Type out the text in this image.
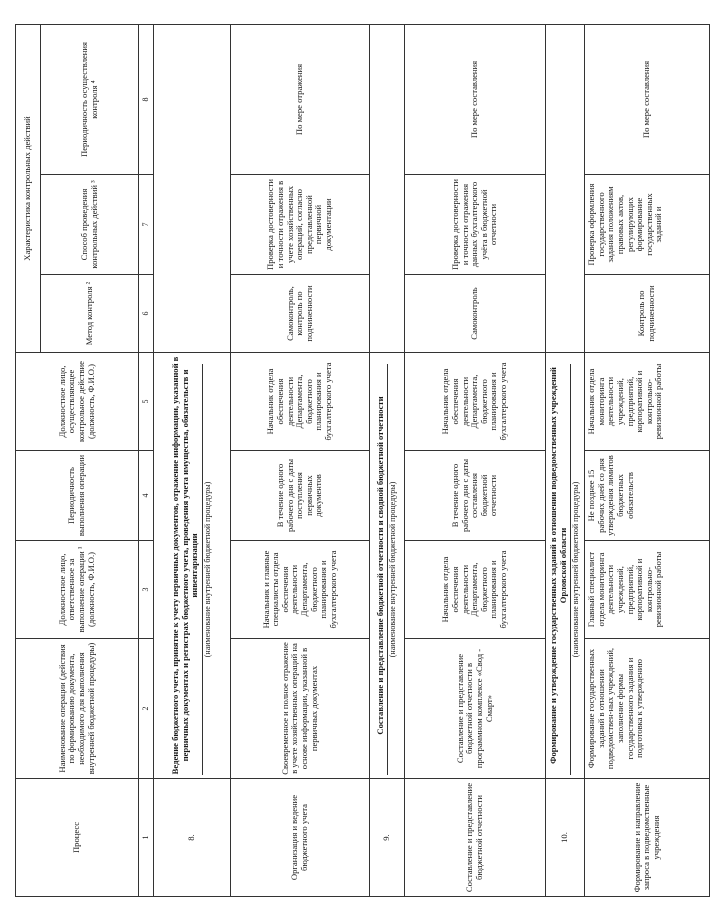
Процесс	Наименование операции (действия по формированию документа, необходимого для выполнения внутренней бюджетной процедуры)	Должностное лицо, ответственное за выполнение операции ¹ (должность, Ф.И.О.)	Периодичность выполнения операции	Должностное лицо, осуществляющее контрольное действие (должность, Ф.И.О.)	Характеристика контрольных действий		
					Метод контроля ²	Способ проведения контрольных действий ³	Периодичность осуществления контроля ⁴
1	2	3	4	5	6	7	8
8.	Ведение бюджетного учета, принятие к учету первичных документов, отражение информации, указанной в первичных документах и регистрах бюджетного учета, проведения учета имущества, обязательств и инвентаризации (наименование внутренней бюджетной процедуры)						

Организация и ведение бюджетного учета	Своевременное и полное отражение в учете хозяйственных операций на основе информации, указанной в первичных документах	Начальник и главные специалисты отдела обеспечения деятельности Департамента, бюджетного планирования и бухгалтерского учета	В течение одного рабочего дня с даты поступления первичных документов	Начальник отдела обеспечения деятельности Департамента, бюджетного планирования и бухгалтерского учета	Самоконтроль, контроль по подчиненности	Проверка достоверности и точности отражения в учете хозяйственных операций, согласно представленной первичной документации	По мере отражения
9.	Составление и представление бюджетной отчетности и сводной бюджетной отчетности (наименование внутренней бюджетной процедуры)						

Составление и представление бюджетной отчетности	Составление и представление бюджетной отчетности в программном комплексе «Свод - Смарт»	Начальник отдела обеспечения деятельности Департамента, бюджетного планирования и бухгалтерского учета	В течение одного рабочего дня с даты составления бюджетной отчетности	Начальник отдела обеспечения деятельности Департамента, бюджетного планирования и бухгалтерского учета	Самоконтроль	Проверка достоверности и точности отражения данных бухгалтерского учёта в бюджетной отчетности	По мере составления
10.	Формирование и утверждение государственных заданий в отношении подведомственных учреждений Орловской области (наименование внутренней бюджетной процедуры)						

Формирование и направление запроса в подведомственные учреждения	Формирование государственных заданий в отношении подведомствен-ных учреждений, заполнение формы государственного задания и подготовка к утверждению	Главный специалист отдела мониторинга деятельности учреждений, предприятий, корпоративной и контрольно-ревизионной работы	Не позднее 15 рабочих дней со дня утверждения лимитов бюджетных обязательств	Начальник отдела мониторинга деятельности учреждений, предприятий, корпоративной и контрольно-ревизионной работы	Контроль по подчиненности	Проверка оформления государственного задания положениям правовых актов, регулирующих формирование государственных заданий и	По мере составления
